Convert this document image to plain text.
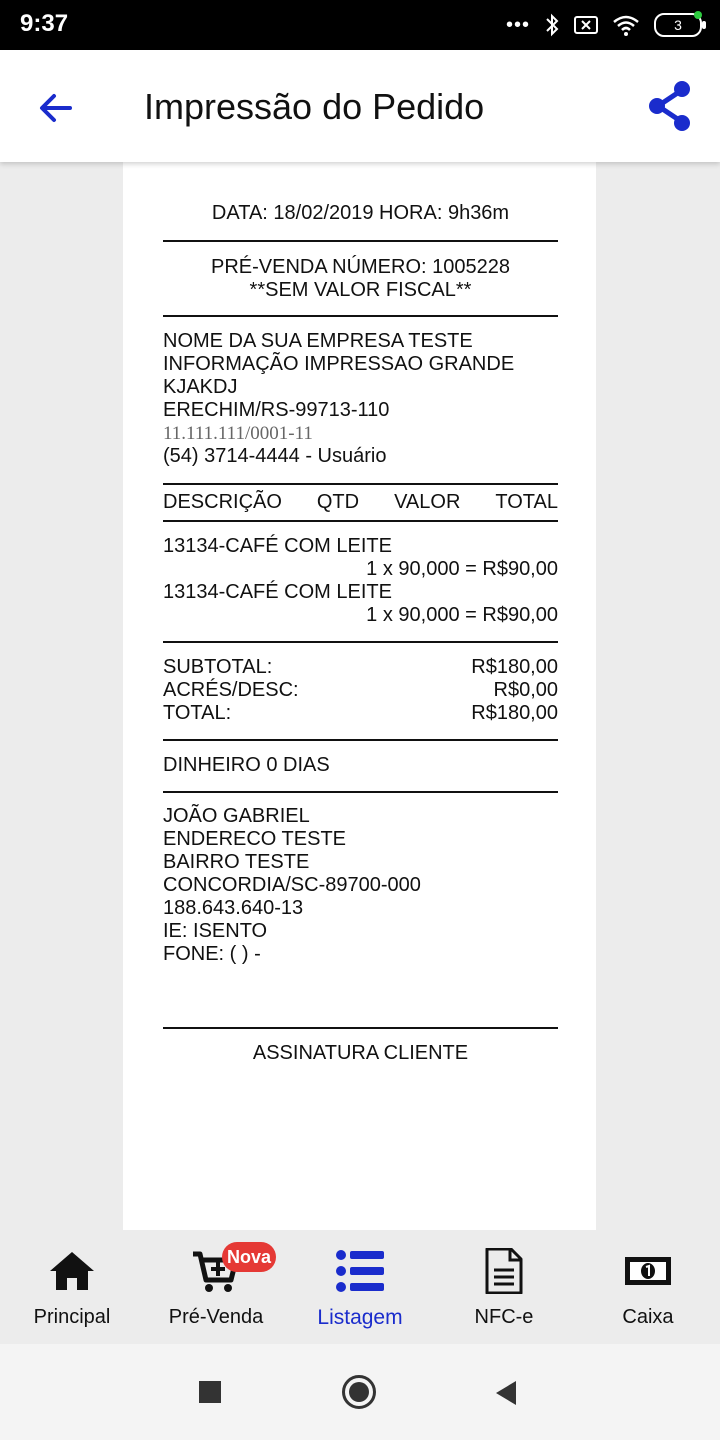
9:37	•••	3
Impressão do Pedido
DATA: 18/02/2019 HORA: 9h36m
PRÉ-VENDA NÚMERO: 1005228
**SEM VALOR FISCAL**
NOME DA SUA EMPRESA TESTE
INFORMAÇÃO IMPRESSAO GRANDE
KJAKDJ
ERECHIM/RS-99713-110
11.111.111/0001-11
(54) 3714-4444 - Usuário
DESCRIÇÃO QTD VALOR TOTAL
13134-CAFÉ COM LEITE
1 x 90,000 = R$90,00
13134-CAFÉ COM LEITE
1 x 90,000 = R$90,00
SUBTOTAL:	R$180,00
ACRÉS/DESC:	R$0,00
TOTAL:	R$180,00
DINHEIRO 0 DIAS
JOÃO GABRIEL
ENDERECO TESTE
BAIRRO TESTE
CONCORDIA/SC-89700-000
188.643.640-13
IE: ISENTO
FONE: ( ) -
ASSINATURA CLIENTE
Principal	Pré-Venda
Nova
Listagem	NFC-e	Caixa
